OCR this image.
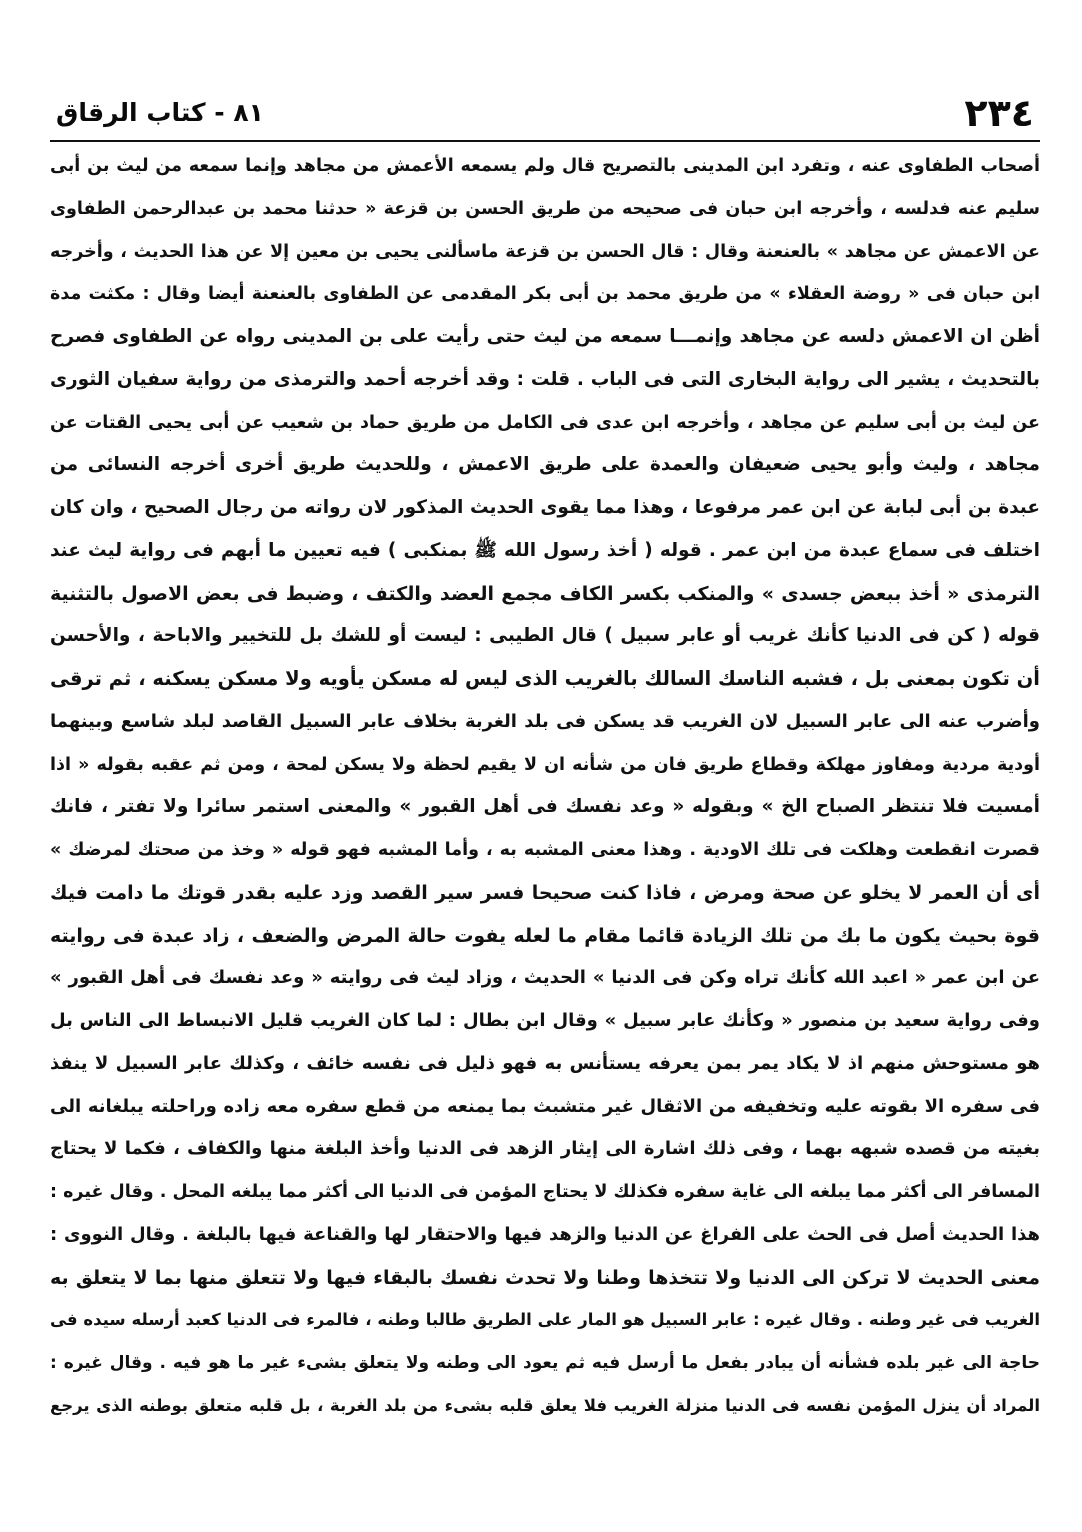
٢٣٤
٨١ - كتاب الرقاق
أصحاب الطفاوى عنه ، وتفرد ابن المدينى بالتصريح قال ولم يسمعه الأعمش من مجاهد وإنما سمعه من ليث بن أبى
سليم عنه فدلسه ، وأخرجه ابن حبان فى صحيحه من طريق الحسن بن قزعة « حدثنا محمد بن عبدالرحمن الطفاوى
عن الاعمش عن مجاهد » بالعنعنة وقال : قال الحسن بن قزعة ماسألنى يحيى بن معين إلا عن هذا الحديث ، وأخرجه
ابن حبان فى « روضة العقلاء » من طريق محمد بن أبى بكر المقدمى عن الطفاوى بالعنعنة أيضا وقال : مكثت مدة
أظن ان الاعمش دلسه عن مجاهد وإنمـــا سمعه من ليث حتى رأيت على بن المدينى رواه عن الطفاوى فصرح
بالتحديث ، يشير الى رواية البخارى التى فى الباب . قلت : وقد أخرجه أحمد والترمذى من رواية سفيان الثورى
عن ليث بن أبى سليم عن مجاهد ، وأخرجه ابن عدى فى الكامل من طريق حماد بن شعيب عن أبى يحيى القتات عن
مجاهد ، وليث وأبو يحيى ضعيفان والعمدة على طريق الاعمش ، وللحديث طريق أخرى أخرجه النسائى من
عبدة بن أبى لبابة عن ابن عمر مرفوعا ، وهذا مما يقوى الحديث المذكور لان رواته من رجال الصحيح ، وان كان
اختلف فى سماع عبدة من ابن عمر . قوله ( أخذ رسول الله ﷺ بمنكبى ) فيه تعيين ما أبهم فى رواية ليث عند
الترمذى « أخذ ببعض جسدى » والمنكب بكسر الكاف مجمع العضد والكتف ، وضبط فى بعض الاصول بالتثنية
قوله ( كن فى الدنيا كأنك غريب أو عابر سبيل ) قال الطيبى : ليست أو للشك بل للتخيير والاباحة ، والأحسن
أن تكون بمعنى بل ، فشبه الناسك السالك بالغريب الذى ليس له مسكن يأويه ولا مسكن يسكنه ، ثم ترقى
وأضرب عنه الى عابر السبيل لان الغريب قد يسكن فى بلد الغربة بخلاف عابر السبيل القاصد لبلد شاسع وبينهما
أودية مردية ومفاوز مهلكة وقطاع طريق فان من شأنه ان لا يقيم لحظة ولا يسكن لمحة ، ومن ثم عقبه بقوله « اذا
أمسيت فلا تنتظر الصباح الخ » وبقوله « وعد نفسك فى أهل القبور » والمعنى استمر سائرا ولا تفتر ، فانك
قصرت انقطعت وهلكت فى تلك الاودية . وهذا معنى المشبه به ، وأما المشبه فهو قوله « وخذ من صحتك لمرضك »
أى أن العمر لا يخلو عن صحة ومرض ، فاذا كنت صحيحا فسر سير القصد وزد عليه بقدر قوتك ما دامت فيك
قوة بحيث يكون ما بك من تلك الزيادة قائما مقام ما لعله يفوت حالة المرض والضعف ، زاد عبدة فى روايته
عن ابن عمر « اعبد الله كأنك تراه وكن فى الدنيا » الحديث ، وزاد ليث فى روايته « وعد نفسك فى أهل القبور »
وفى رواية سعيد بن منصور « وكأنك عابر سبيل » وقال ابن بطال : لما كان الغريب قليل الانبساط الى الناس بل
هو مستوحش منهم اذ لا يكاد يمر بمن يعرفه يستأنس به فهو ذليل فى نفسه خائف ، وكذلك عابر السبيل لا ينفذ
فى سفره الا بقوته عليه وتخفيفه من الاثقال غير متشبث بما يمنعه من قطع سفره معه زاده وراحلته يبلغانه الى
بغيته من قصده شبهه بهما ، وفى ذلك اشارة الى إيثار الزهد فى الدنيا وأخذ البلغة منها والكفاف ، فكما لا يحتاج
المسافر الى أكثر مما يبلغه الى غاية سفره فكذلك لا يحتاج المؤمن فى الدنيا الى أكثر مما يبلغه المحل . وقال غيره :
هذا الحديث أصل فى الحث على الفراغ عن الدنيا والزهد فيها والاحتقار لها والقناعة فيها بالبلغة . وقال النووى :
معنى الحديث لا تركن الى الدنيا ولا تتخذها وطنا ولا تحدث نفسك بالبقاء فيها ولا تتعلق منها بما لا يتعلق به
الغريب فى غير وطنه . وقال غيره : عابر السبيل هو المار على الطريق طالبا وطنه ، فالمرء فى الدنيا كعبد أرسله سيده فى
حاجة الى غير بلده فشأنه أن يبادر بفعل ما أرسل فيه ثم يعود الى وطنه ولا يتعلق بشىء غير ما هو فيه . وقال غيره :
المراد أن ينزل المؤمن نفسه فى الدنيا منزلة الغريب فلا يعلق قلبه بشىء من بلد الغربة ، بل قلبه متعلق بوطنه الذى يرجع
